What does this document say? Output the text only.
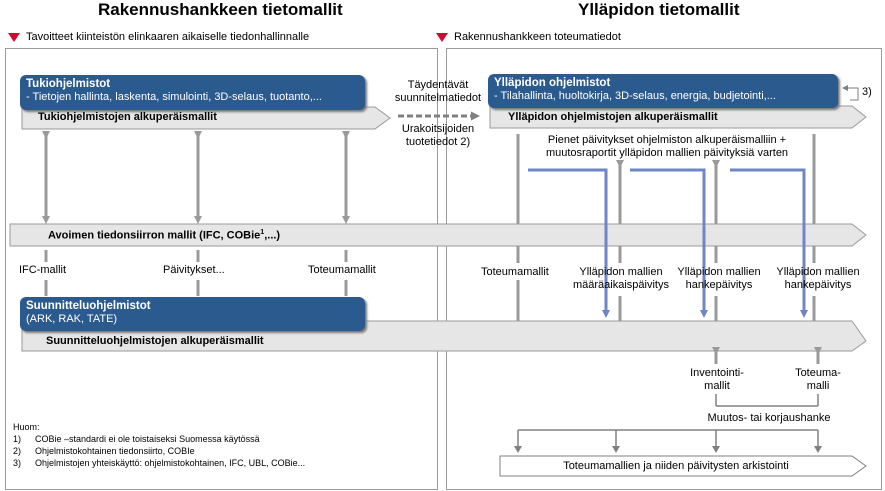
Rakennushankkeen tietomallit	Ylläpidon tietomallit
Tavoitteet kiinteistön elinkaaren aikaiselle tiedonhallinnalle	Rakennushankkeen toteumatiedot
Tukiohjelmistot
- Tietojen hallinta, laskenta, simulointi, 3D-selaus, tuotanto,...
Suunnitteluohjelmistot
(ARK, RAK, TATE)
Ylläpidon ohjelmistot
- Tilahallinta, huoltokirja, 3D-selaus, energia, budjetointi,...	3)
Tukiohjelmistojen alkuperäismallit
Avoimen tiedonsiirron mallit (IFC, COBie$^1$,...)
Suunnitteluohjelmistojen alkuperäismallit
Ylläpidon ohjelmistojen alkuperäismallit
Toteumamallien ja niiden päivitysten arkistointi
IFC-mallit	Päivitykset...	Toteumamallit
Täydentävät
suunnitelmatiedot
Urakoitsijoiden
tuotetiedot 2)	Pienet päivitykset ohjelmiston alkuperäismalliin +
muutosraportit ylläpidon mallien päivityksiä varten
Toteumamallit	Ylläpidon mallien
määräaikaispäivitys
Ylläpidon mallien
hankepäivitys
Ylläpidon mallien
hankepäivitys
Inventointi-
mallit
Toteuma-
malli
Muutos- tai korjaushanke
Huom:
1) COBie –standardi ei ole toistaiseksi Suomessa käytössä
2) Ohjelmistokohtainen tiedonsiirto, COBIe
3) Ohjelmistojen yhteiskäyttö: ohjelmistokohtainen, IFC, UBL, COBie...
